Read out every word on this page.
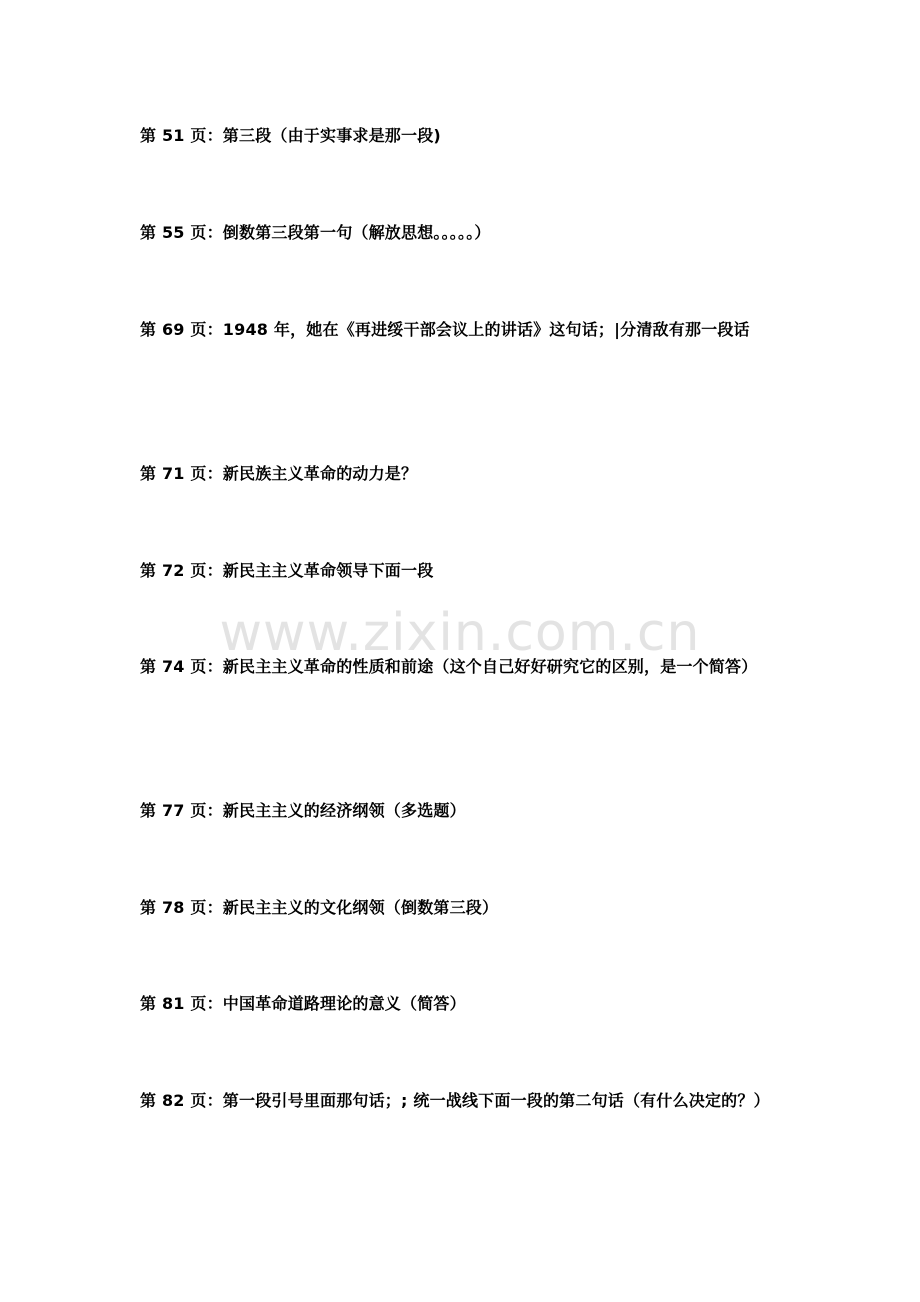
第 51 页：第三段（由于实事求是那一段)
第 55 页：倒数第三段第一句（解放思想。。。。。）
第 69 页：1948 年，她在《再进绥干部会议上的讲话》这句话；|分清敌有那一段话
第 71 页：新民族主义革命的动力是？
第 72 页：新民主主义革命领导下面一段
第 74 页：新民主主义革命的性质和前途（这个自己好好研究它的区别，是一个简答）
第 77 页：新民主主义的经济纲领（多选题）
第 78 页：新民主主义的文化纲领（倒数第三段）
第 81 页：中国革命道路理论的意义（简答）
第 82 页：第一段引号里面那句话；; 统一战线下面一段的第二句话（有什么决定的？）
www.zixin.com.cn
